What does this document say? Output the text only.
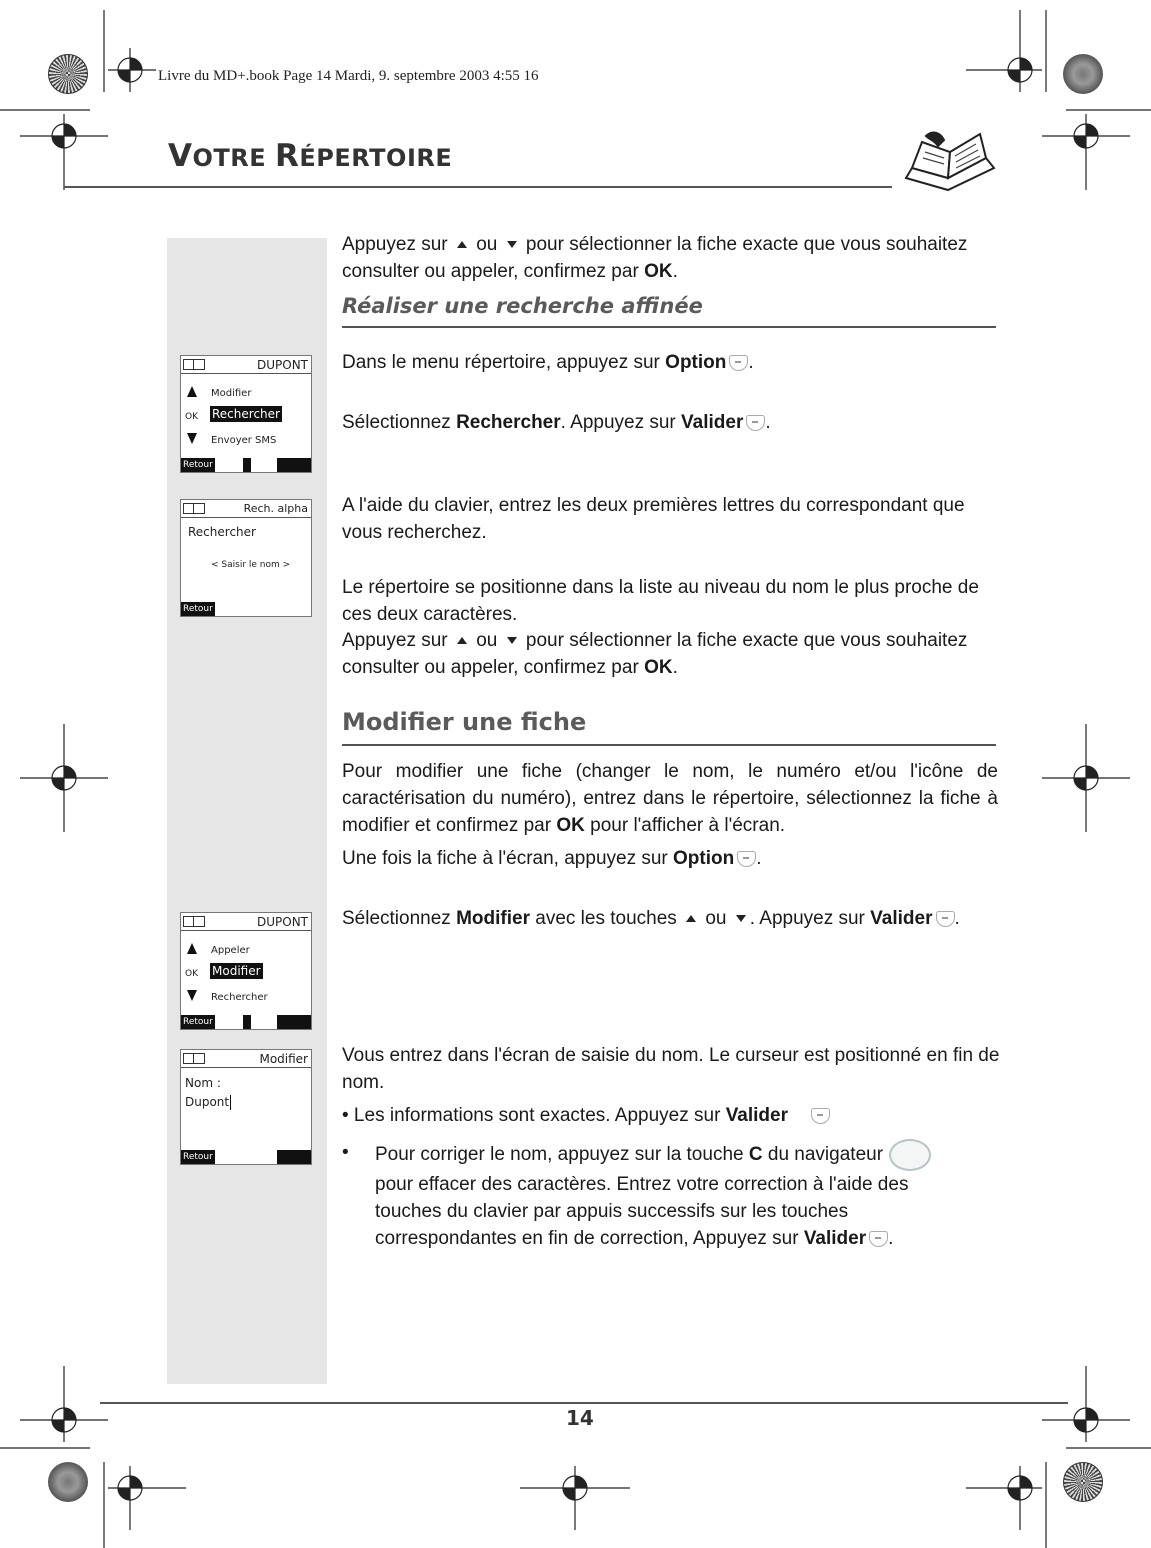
Livre du MD+.book Page 14 Mardi, 9. septembre 2003 4:55 16
VOTRE RÉPERTOIRE
Appuyez sur ou pour sélectionner la fiche exacte que vous souhaitez consulter ou appeler, confirmez par OK.
Réaliser une recherche affinée
Dans le menu répertoire, appuyez sur Option .
Sélectionnez Rechercher. Appuyez sur Valider .
A l'aide du clavier, entrez les deux premières lettres du correspondant que vous recherchez.
Le répertoire se positionne dans la liste au niveau du nom le plus proche de ces deux caractères.
Appuyez sur ou pour sélectionner la fiche exacte que vous souhaitez consulter ou appeler, confirmez par OK.
Modifier une fiche
Pour modifier une fiche (changer le nom, le numéro et/ou l'icône de caractérisation du numéro), entrez dans le répertoire, sélectionnez la fiche à modifier et confirmez par OK pour l'afficher à l'écran.
Une fois la fiche à l'écran, appuyez sur Option .
Sélectionnez Modifier avec les touches ou . Appuyez sur Valider .
Vous entrez dans l'écran de saisie du nom. Le curseur est positionné en fin de nom.
• Les informations sont exactes. Appuyez sur Valider
• Pour corriger le nom, appuyez sur la touche C du navigateur pour effacer des caractères. Entrez votre correction à l'aide des touches du clavier par appuis successifs sur les touches correspondantes en fin de correction, Appuyez sur Valider .
DUPONT
Modifier
OK Rechercher
Envoyer SMS
Retour
Rech. alpha
Rechercher
< Saisir le nom >
Retour
DUPONT
Appeler
OK Modifier
Rechercher
Retour
Modifier
Nom :
Dupont
Retour
14
